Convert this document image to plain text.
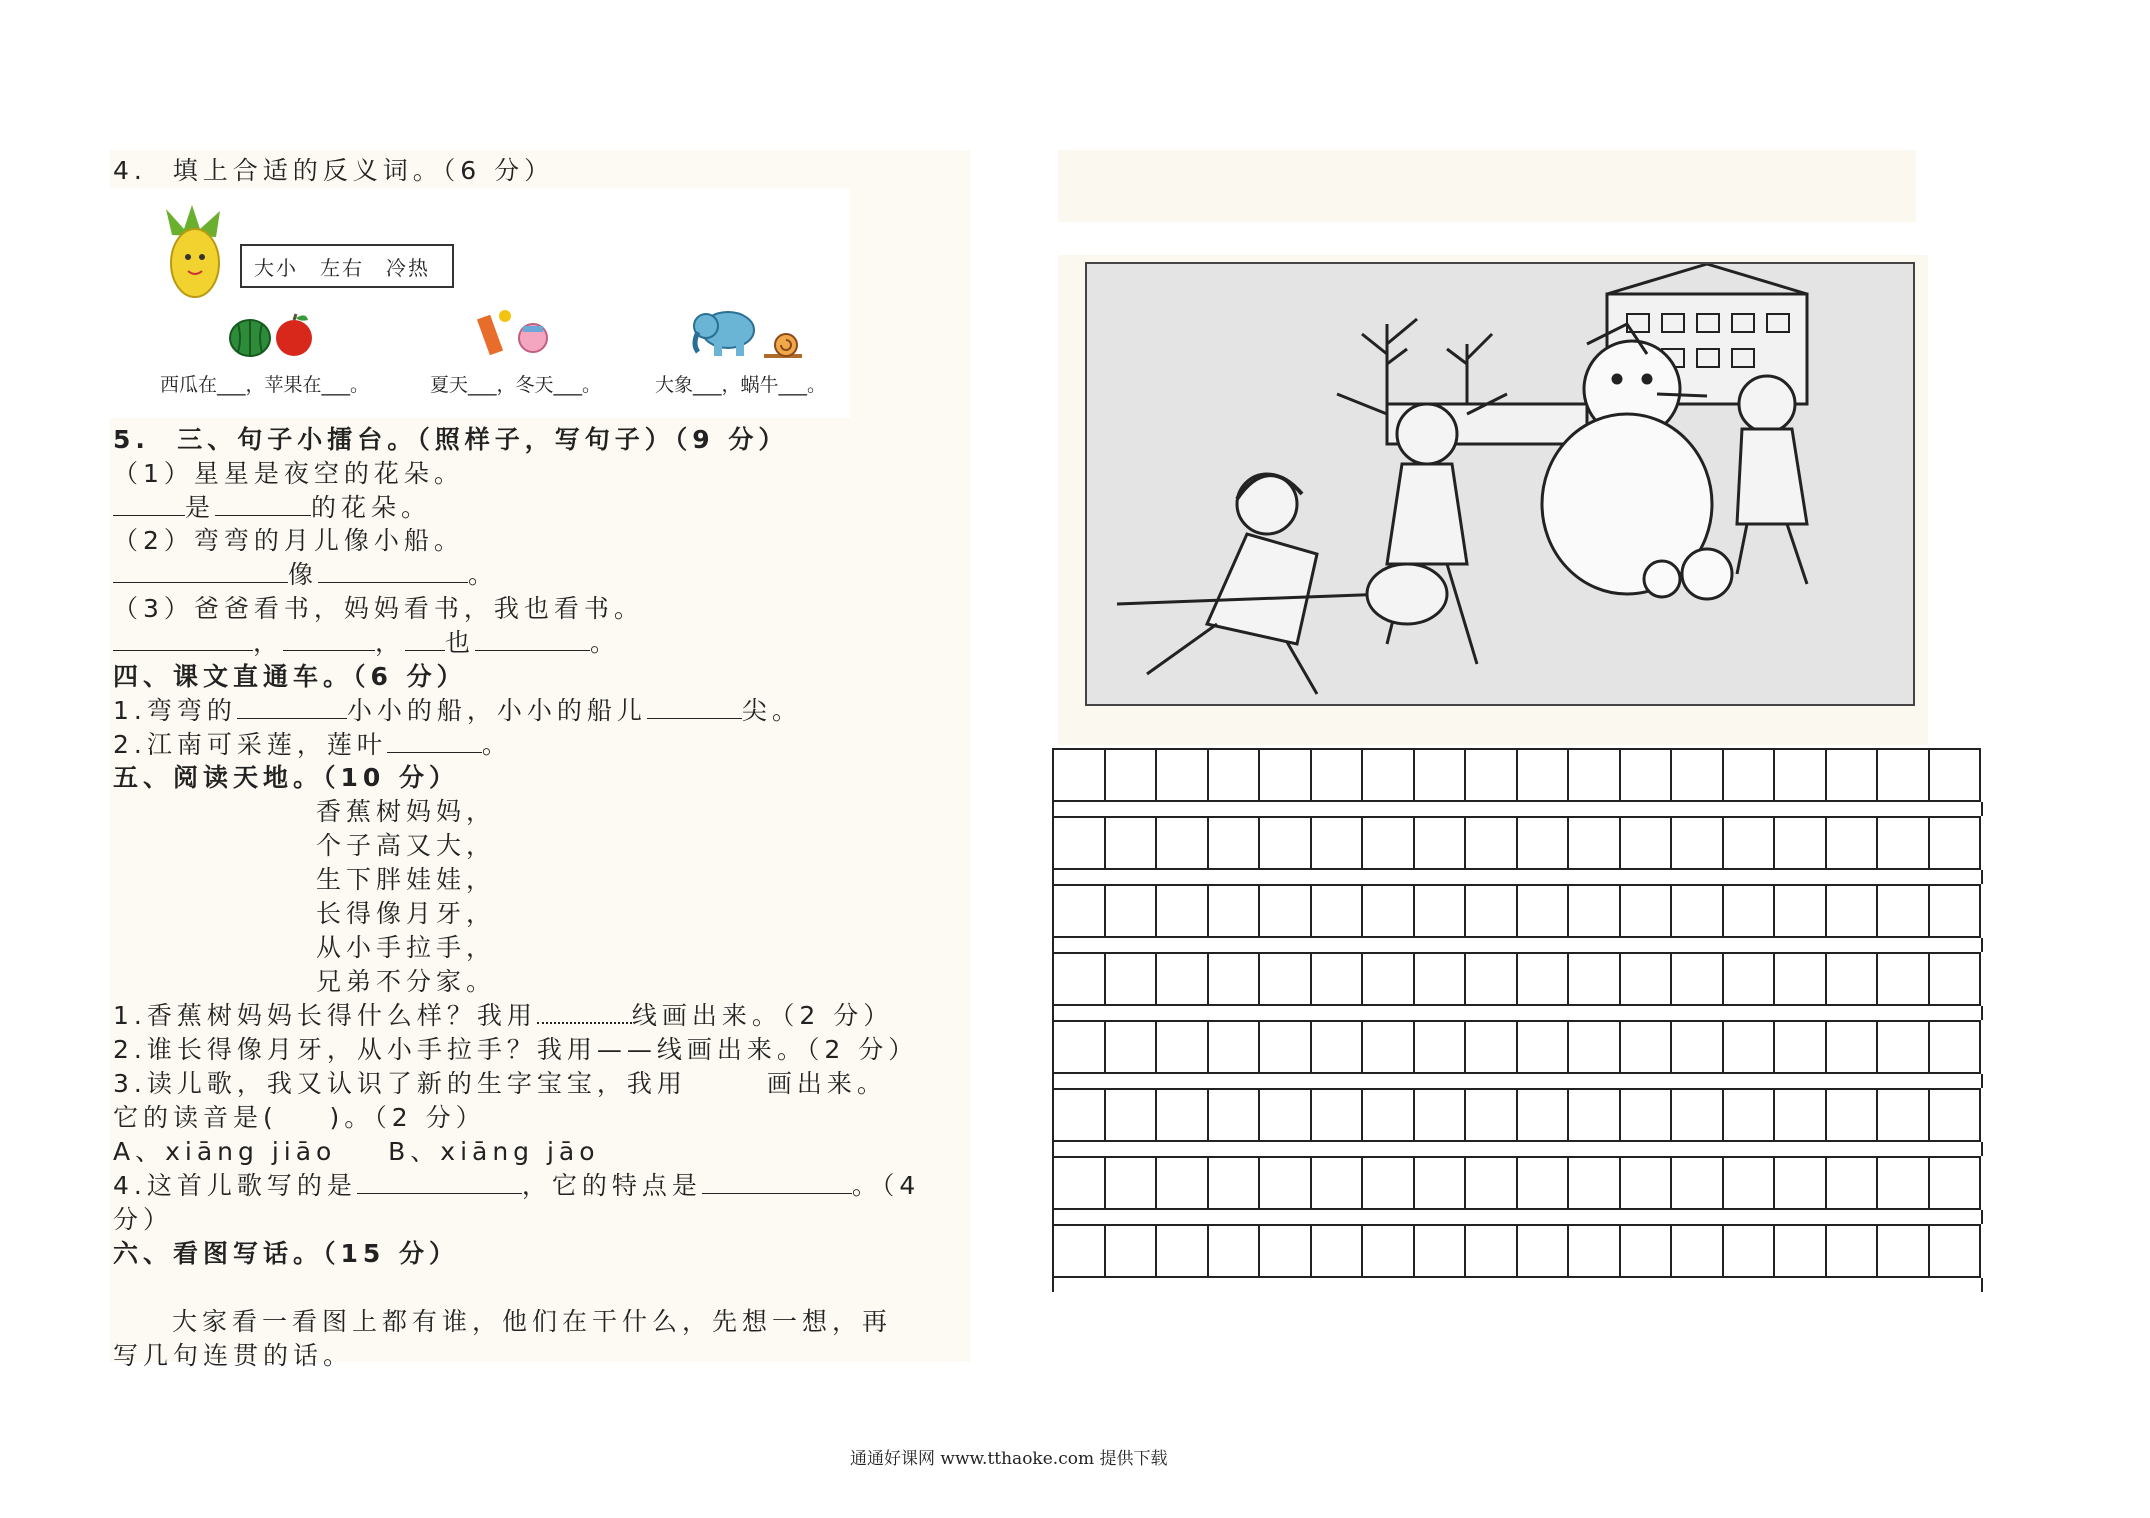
4.  填上合适的反义词。（6 分）
大小　左右　冷热
西瓜在___，苹果在___。	夏天___，冬天___。	大象___，蜗牛___。
5.  三、句子小擂台。（照样子，写句子）（9 分）
（1）星星是夜空的花朵。
是	的花朵。
（2）弯弯的月儿像小船。
像	。
（3）爸爸看书，妈妈看书，我也看书。
，	， 也	。
四、课文直通车。（6 分）
1.弯弯的	小小的船，小小的船儿	尖。
2.江南可采莲，莲叶	。
五、阅读天地。（10 分）
香蕉树妈妈，
个子高又大，
生下胖娃娃，
长得像月牙，
从小手拉手，
兄弟不分家。
1.香蕉树妈妈长得什么样？我用	线画出来。（2 分）
2.谁长得像月牙，从小手拉手？我用——线画出来。（2 分）
3.读儿歌，我又认识了新的生字宝宝，我用	画出来。
它的读音是(    )。（2 分）
A、xiāng jiāo    B、xiāng jāo
4.这首儿歌写的是	，它的特点是	。（4
分）
六、看图写话。（15 分）
大家看一看图上都有谁，他们在干什么，先想一想，再
写几句连贯的话。
通通好课网 www.tthaoke.com 提供下载
